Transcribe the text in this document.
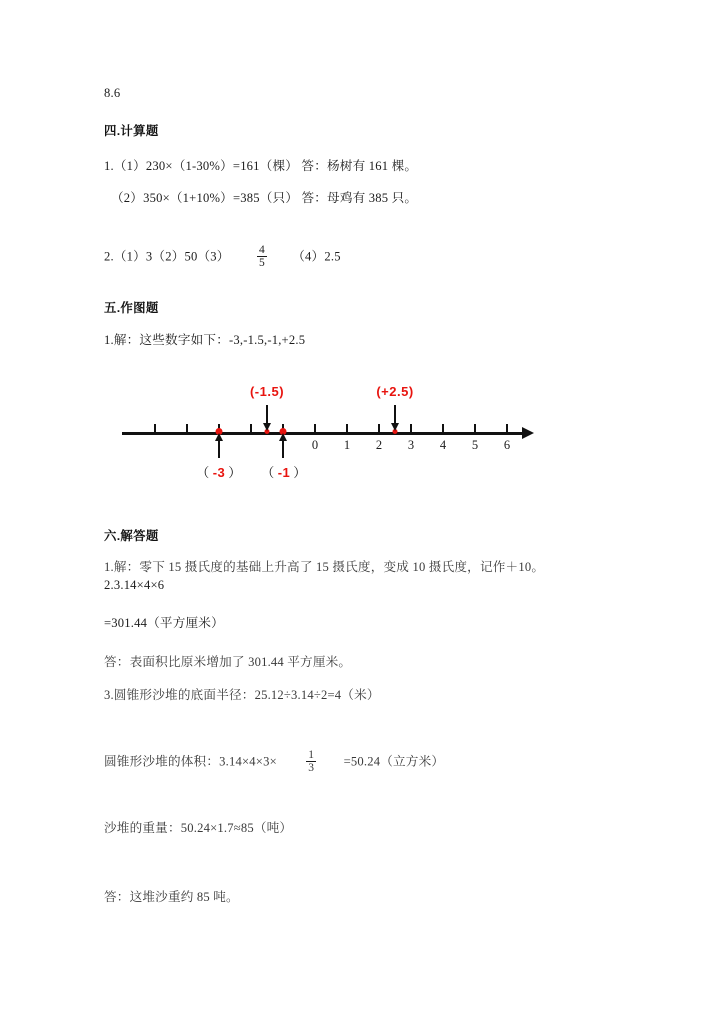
8.6
四.计算题
1.（1）230×（1-30%）=161（棵） 答：杨树有 161 棵。
（2）350×（1+10%）=385（只） 答：母鸡有 385 只。
$2.(1)3(2)50(3) \frac{4}{5} (4)2.5$
五.作图题
1.解：这些数字如下：-3,-1.5,-1,+2.5
0 1 2 3 4 5 6
(-1.5)	(+2.5)
（ -3 ） （ -1 ）
六.解答题
1.解：零下 15 摄氏度的基础上升高了 15 摄氏度，变成 10 摄氏度，记作＋10。
2.3.14×4×6
=301.44（平方厘米）
答：表面积比原米增加了 301.44 平方厘米。
3.圆锥形沙堆的底面半径：25.12÷3.14÷2=4（米）
圆锥形沙堆的体积：3.14×4×3×	$\frac{1}{3} =50.24$（立方米）
沙堆的重量：50.24×1.7≈85（吨）
答：这堆沙重约 85 吨。
